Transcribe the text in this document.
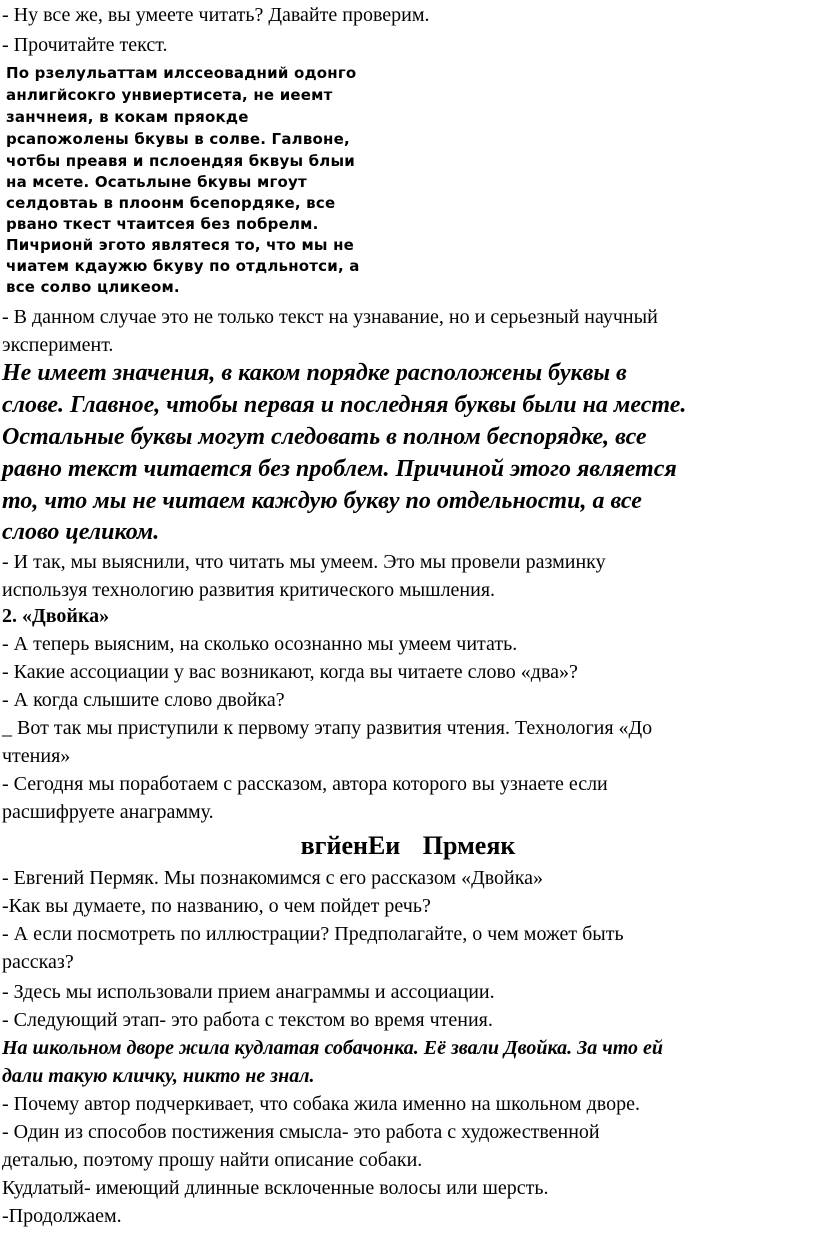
- Ну все же, вы умеете читать? Давайте проверим.
- Прочитайте текст.
По рзелульаттам илссеовадний одонго
анлигйсокго унвиертисета, не иеемт
занчнеия, в кокам пряокде
рсапожолены бкувы в солве. Галвоне,
чотбы преавя и пслоендяя бквуы блыи
на мсете. Осатьлыне бкувы мгоут
селдовтаь в плоонм бсепордяке, все
рвано ткест чтаитсея без побрелм.
Пичрионй эгото являтеся то, что мы не
чиатем кдаужю бкуву по отдльнотси, а
все солво цликеом.
- В данном случае это не только текст на узнавание, но и серьезный научный
эксперимент.
Не имеет значения, в каком порядке расположены буквы в
слове. Главное, чтобы первая и последняя буквы были на месте.
Остальные буквы могут следовать в полном беспорядке, все
равно текст читается без проблем. Причиной этого является
то, что мы не читаем каждую букву по отдельности, а все
слово целиком.
- И так, мы выяснили, что читать мы умеем. Это мы провели разминку
используя технологию развития критического мышления.
2. «Двойка»
- А теперь выясним, на сколько осознанно мы умеем читать.
- Какие ассоциации у вас возникают, когда вы читаете слово «два»?
- А когда слышите слово двойка?
_ Вот так мы приступили к первому этапу развития чтения. Технология «До
чтения»
- Сегодня мы поработаем с рассказом, автора которого вы узнаете если
расшифруете анаграмму.
вгйенЕи Прмеяк
- Евгений Пермяк. Мы познакомимся с его рассказом «Двойка»
-Как вы думаете, по названию, о чем пойдет речь?
- А если посмотреть по иллюстрации? Предполагайте, о чем может быть
рассказ?
- Здесь мы использовали прием анаграммы и ассоциации.
- Следующий этап- это работа с текстом во время чтения.
На школьном дворе жила кудлатая собачонка. Её звали Двойка. За что ей
дали такую кличку, никто не знал.
- Почему автор подчеркивает, что собака жила именно на школьном дворе.
- Один из способов постижения смысла- это работа с художественной
деталью, поэтому прошу найти описание собаки.
Кудлатый- имеющий длинные всклоченные волосы или шерсть.
-Продолжаем.
